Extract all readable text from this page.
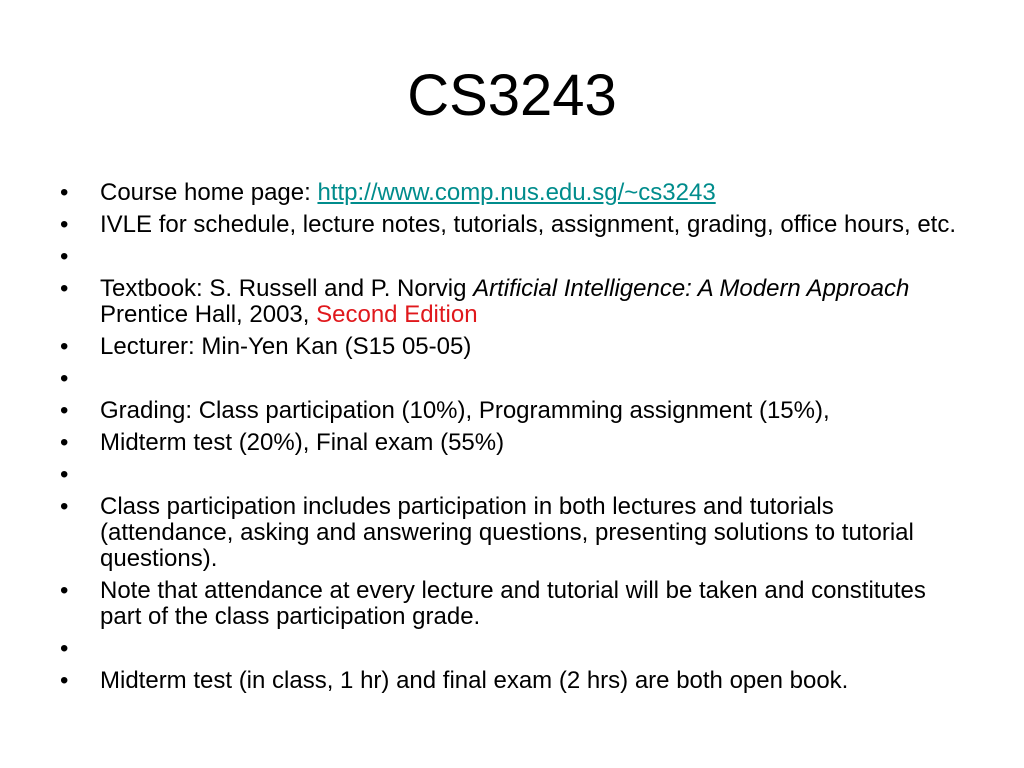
CS3243
• Course home page: http://www.comp.nus.edu.sg/~cs3243
• IVLE for schedule, lecture notes, tutorials, assignment, grading, office hours, etc.
•
• Textbook: S. Russell and P. Norvig Artificial Intelligence: A Modern Approach Prentice Hall, 2003, Second Edition
• Lecturer: Min-Yen Kan (S15 05-05)
•
• Grading: Class participation (10%), Programming assignment (15%),
• Midterm test (20%), Final exam (55%)
•
• Class participation includes participation in both lectures and tutorials (attendance, asking and answering questions, presenting solutions to tutorial questions).
• Note that attendance at every lecture and tutorial will be taken and constitutes part of the class participation grade.
•
• Midterm test (in class, 1 hr) and final exam (2 hrs) are both open book.
